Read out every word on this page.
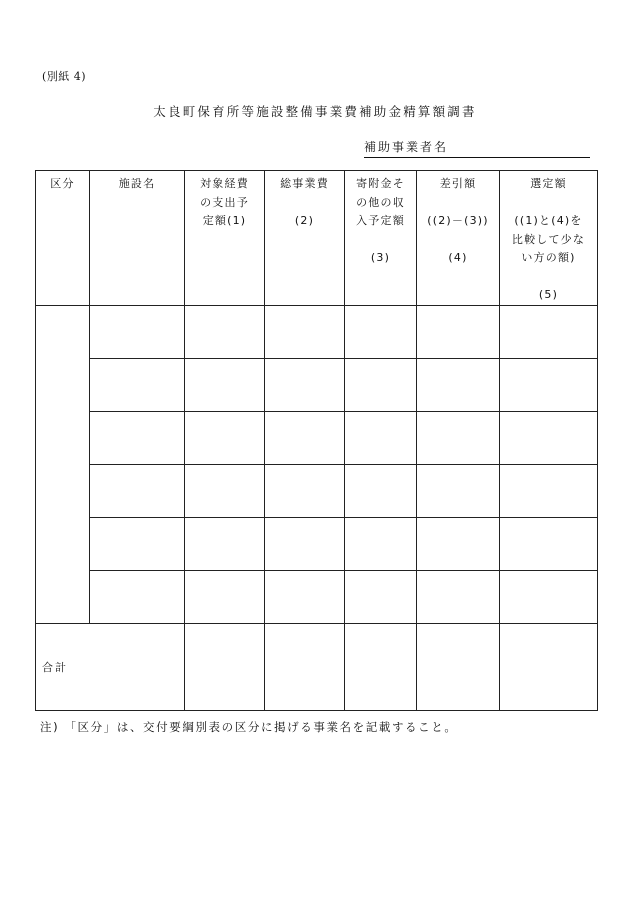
(別紙 4)
太良町保育所等施設整備事業費補助金精算額調書
補助事業者名
区分	施設名	対象経費
の支出予
定額(1)	総事業費

(2)	寄附金そ
の他の収
入予定額

(3)	差引額

((2)－(3))

(4)	選定額

((1)と(4)を
比較して少な
い方の額)

(5)

合計						
注) 「区分」は、交付要綱別表の区分に掲げる事業名を記載すること。
